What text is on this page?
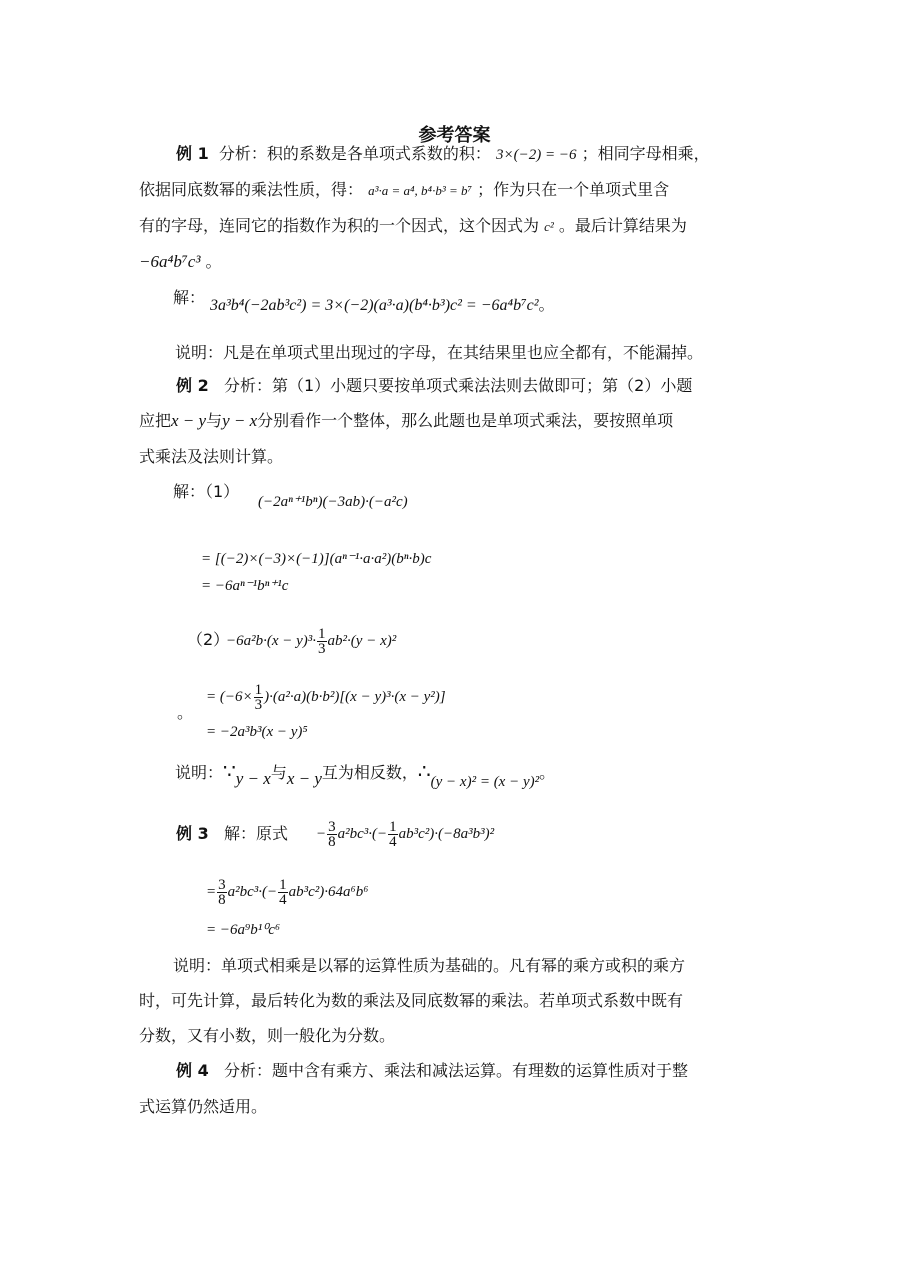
参考答案
例 1 分析：积的系数是各单项式系数的积： 3×(−2) = −6 ；相同字母相乘，
依据同底数幂的乘法性质，得： a³·a = a⁴, b⁴·b³ = b⁷ ；作为只在一个单项式里含
有的字母，连同它的指数作为积的一个因式，这个因式为 c² 。最后计算结果为
−6a⁴b⁷c³ 。
解： 3a³b⁴(−2ab³c²) = 3×(−2)(a³·a)(b⁴·b³)c² = −6a⁴b⁷c²。
说明：凡是在单项式里出现过的字母，在其结果里也应全都有，不能漏掉。
例 2 分析：第（1）小题只要按单项式乘法法则去做即可；第（2）小题
应把x − y与y − x分别看作一个整体，那么此题也是单项式乘法，要按照单项
式乘法及法则计算。
解：（1）
(−2aⁿ⁺¹bⁿ)(−3ab)·(−a²c)
= [(−2)×(−3)×(−1)](aⁿ⁻¹·a·a²)(bⁿ·b)c
= −6aⁿ⁻¹bⁿ⁺¹c
（2）
$-6a^2b\cdot(x - y)^3\cdot \frac{1}{3} ab^2\cdot(y - x)^2$
。
= $(-6\times \frac{1}{3} )\cdot(a^2\cdot a)(b\cdot b^2)[(x - y)^3\cdot(x - y^2)]$
= −2a³b³(x − y)⁵
说明：∵y − x与x − y互为相反数，∴(y − x)² = (x − y)²。
例 3 解：原式 − $\frac{3}{8} a^2bc^3\cdot(- \frac{1}{4} ab^3c^2)\cdot(-8a^3b^3)^2$
= $\frac{3}{8} a^2bc^3\cdot(- \frac{1}{4} ab^3c^2)\cdot 64a^6b^6$
= −6a⁹b¹⁰c⁶
说明：单项式相乘是以幂的运算性质为基础的。凡有幂的乘方或积的乘方
时，可先计算，最后转化为数的乘法及同底数幂的乘法。若单项式系数中既有
分数，又有小数，则一般化为分数。
例 4 分析：题中含有乘方、乘法和减法运算。有理数的运算性质对于整
式运算仍然适用。
